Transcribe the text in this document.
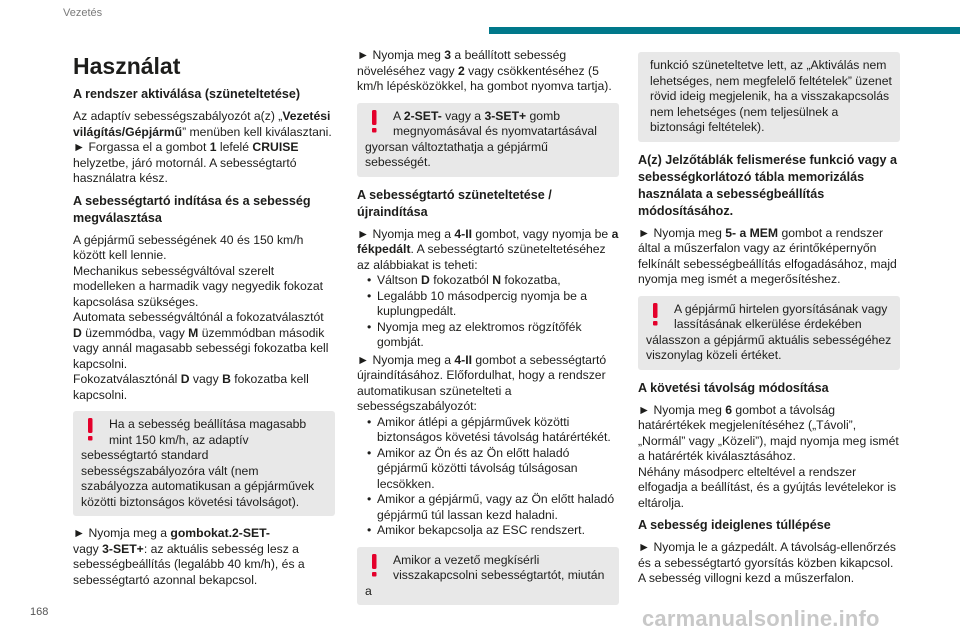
Vezetés
Használat
A rendszer aktiválása (szüneteltetése)

Az adaptív sebességszabályozót a(z) „Vezetési világítás/Gépjármű” menüben kell kiválasztani.
► Forgassa el a gombot 1 lefelé CRUISE helyzetbe, járó motornál. A sebességtartó használatra kész.

A sebességtartó indítása és a sebesség megválasztása

A gépjármű sebességének 40 és 150 km/h között kell lennie.
Mechanikus sebességváltóval szerelt modelleken a harmadik vagy negyedik fokozat kapcsolása szükséges.
Automata sebességváltónál a fokozatválasztót D üzemmódba, vagy M üzemmódban második vagy annál magasabb sebességi fokozatba kell kapcsolni.
Fokozatválasztónál D vagy B fokozatba kell kapcsolni.

Ha a sebesség beállítása magasabb mint 150 km/h, az adaptív sebességtartó standard sebességszabályozóra vált (nem szabályozza automatikusan a gépjárművek közötti biztonságos követési távolságot).

► Nyomja meg a gombokat.2-SET-
vagy 3-SET+: az aktuális sebesség lesz a sebességbeállítás (legalább 40 km/h), és a sebességtartó azonnal bekapcsol.

► Nyomja meg 3 a beállított sebesség növeléséhez vagy 2 vagy csökkentéséhez (5 km/h lépésközökkel, ha gombot nyomva tartja).

A 2-SET- vagy a 3-SET+ gomb megnyomásával és nyomvatartásával gyorsan változtathatja a gépjármű sebességét.
A sebességtartó szüneteltetése / újraindítása

► Nyomja meg a 4-II gombot, vagy nyomja be a fékpedált. A sebességtartó szüneteltetéséhez az alábbiakat is teheti:

• Váltson D fokozatból N fokozatba,
• Legalább 10 másodpercig nyomja be a kuplungpedált.
• Nyomja meg az elektromos rögzítőfék gombját.

► Nyomja meg a 4-II gombot a sebességtartó újraindításához. Előfordulhat, hogy a rendszer automatikusan szünetelteti a sebességszabályozót:

• Amikor átlépi a gépjárművek közötti biztonságos követési távolság határértékét.
• Amikor az Ön és az Ön előtt haladó gépjármű közötti távolság túlságosan lecsökken.
• Amikor a gépjármű, vagy az Ön előtt haladó gépjármű túl lassan kezd haladni.
• Amikor bekapcsolja az ESC rendszert.
Amikor a vezető megkísérli visszakapcsolni sebességtartót, miután a
funkció szüneteltetve lett, az „Aktiválás nem lehetséges, nem megfelelő feltételek” üzenet rövid ideig megjelenik, ha a visszakapcsolás nem lehetséges (nem teljesülnek a biztonsági feltételek).
A(z) Jelzőtáblák felismerése funkció vagy a sebességkorlátozó tábla memorizálás használata a sebességbeállítás módosításához.

► Nyomja meg 5- a MEM gombot a rendszer által a műszerfalon vagy az érintőképernyőn felkínált sebességbeállítás elfogadásához, majd nyomja meg ismét a megerősítéshez.

A gépjármű hirtelen gyorsításának vagy lassításának elkerülése érdekében válasszon a gépjármű aktuális sebességéhez viszonylag közeli értéket.
A követési távolság módosítása

► Nyomja meg 6 gombot a távolság határértékek megjelenítéséhez („Távoli”, „Normál” vagy „Közeli”), majd nyomja meg ismét a határérték kiválasztásához.
Néhány másodperc elteltével a rendszer elfogadja a beállítást, és a gyújtás levételekor is eltárolja.

A sebesség ideiglenes túllépése

► Nyomja le a gázpedált. A távolság-ellenőrzés és a sebességtartó gyorsítás közben kikapcsol. A sebesség villogni kezd a műszerfalon.

168	carmanualsonline.info
